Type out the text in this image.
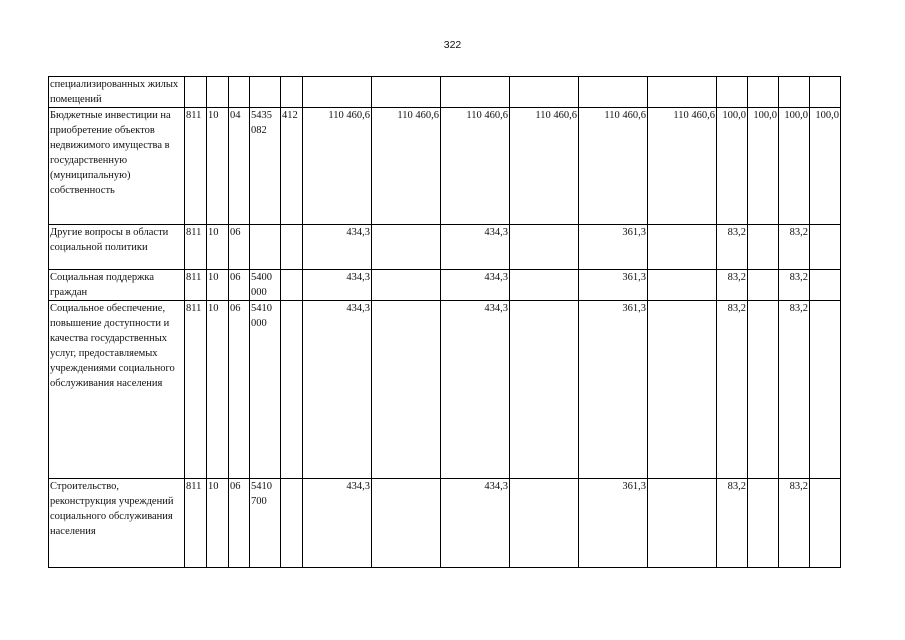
322
специализированных жилых помещений															
Бюджетные инвестиции на приобретение объектов недвижимого имущества в государственную (муниципальную) собственность	811	10	04	5435 082	412	110 460,6	110 460,6	110 460,6	110 460,6	110 460,6	110 460,6	100,0	100,0	100,0	100,0
Другие вопросы в области социальной политики	811	10	06			434,3		434,3		361,3		83,2		83,2	
Социальная поддержка граждан	811	10	06	5400 000		434,3		434,3		361,3		83,2		83,2	
Социальное обеспечение, повышение доступности и качества государственных услуг, предоставляемых учреждениями социального обслуживания населения	811	10	06	5410 000		434,3		434,3		361,3		83,2		83,2	
Строительство, реконструкция учреждений социального обслуживания населения	811	10	06	5410 700		434,3		434,3		361,3		83,2		83,2	
